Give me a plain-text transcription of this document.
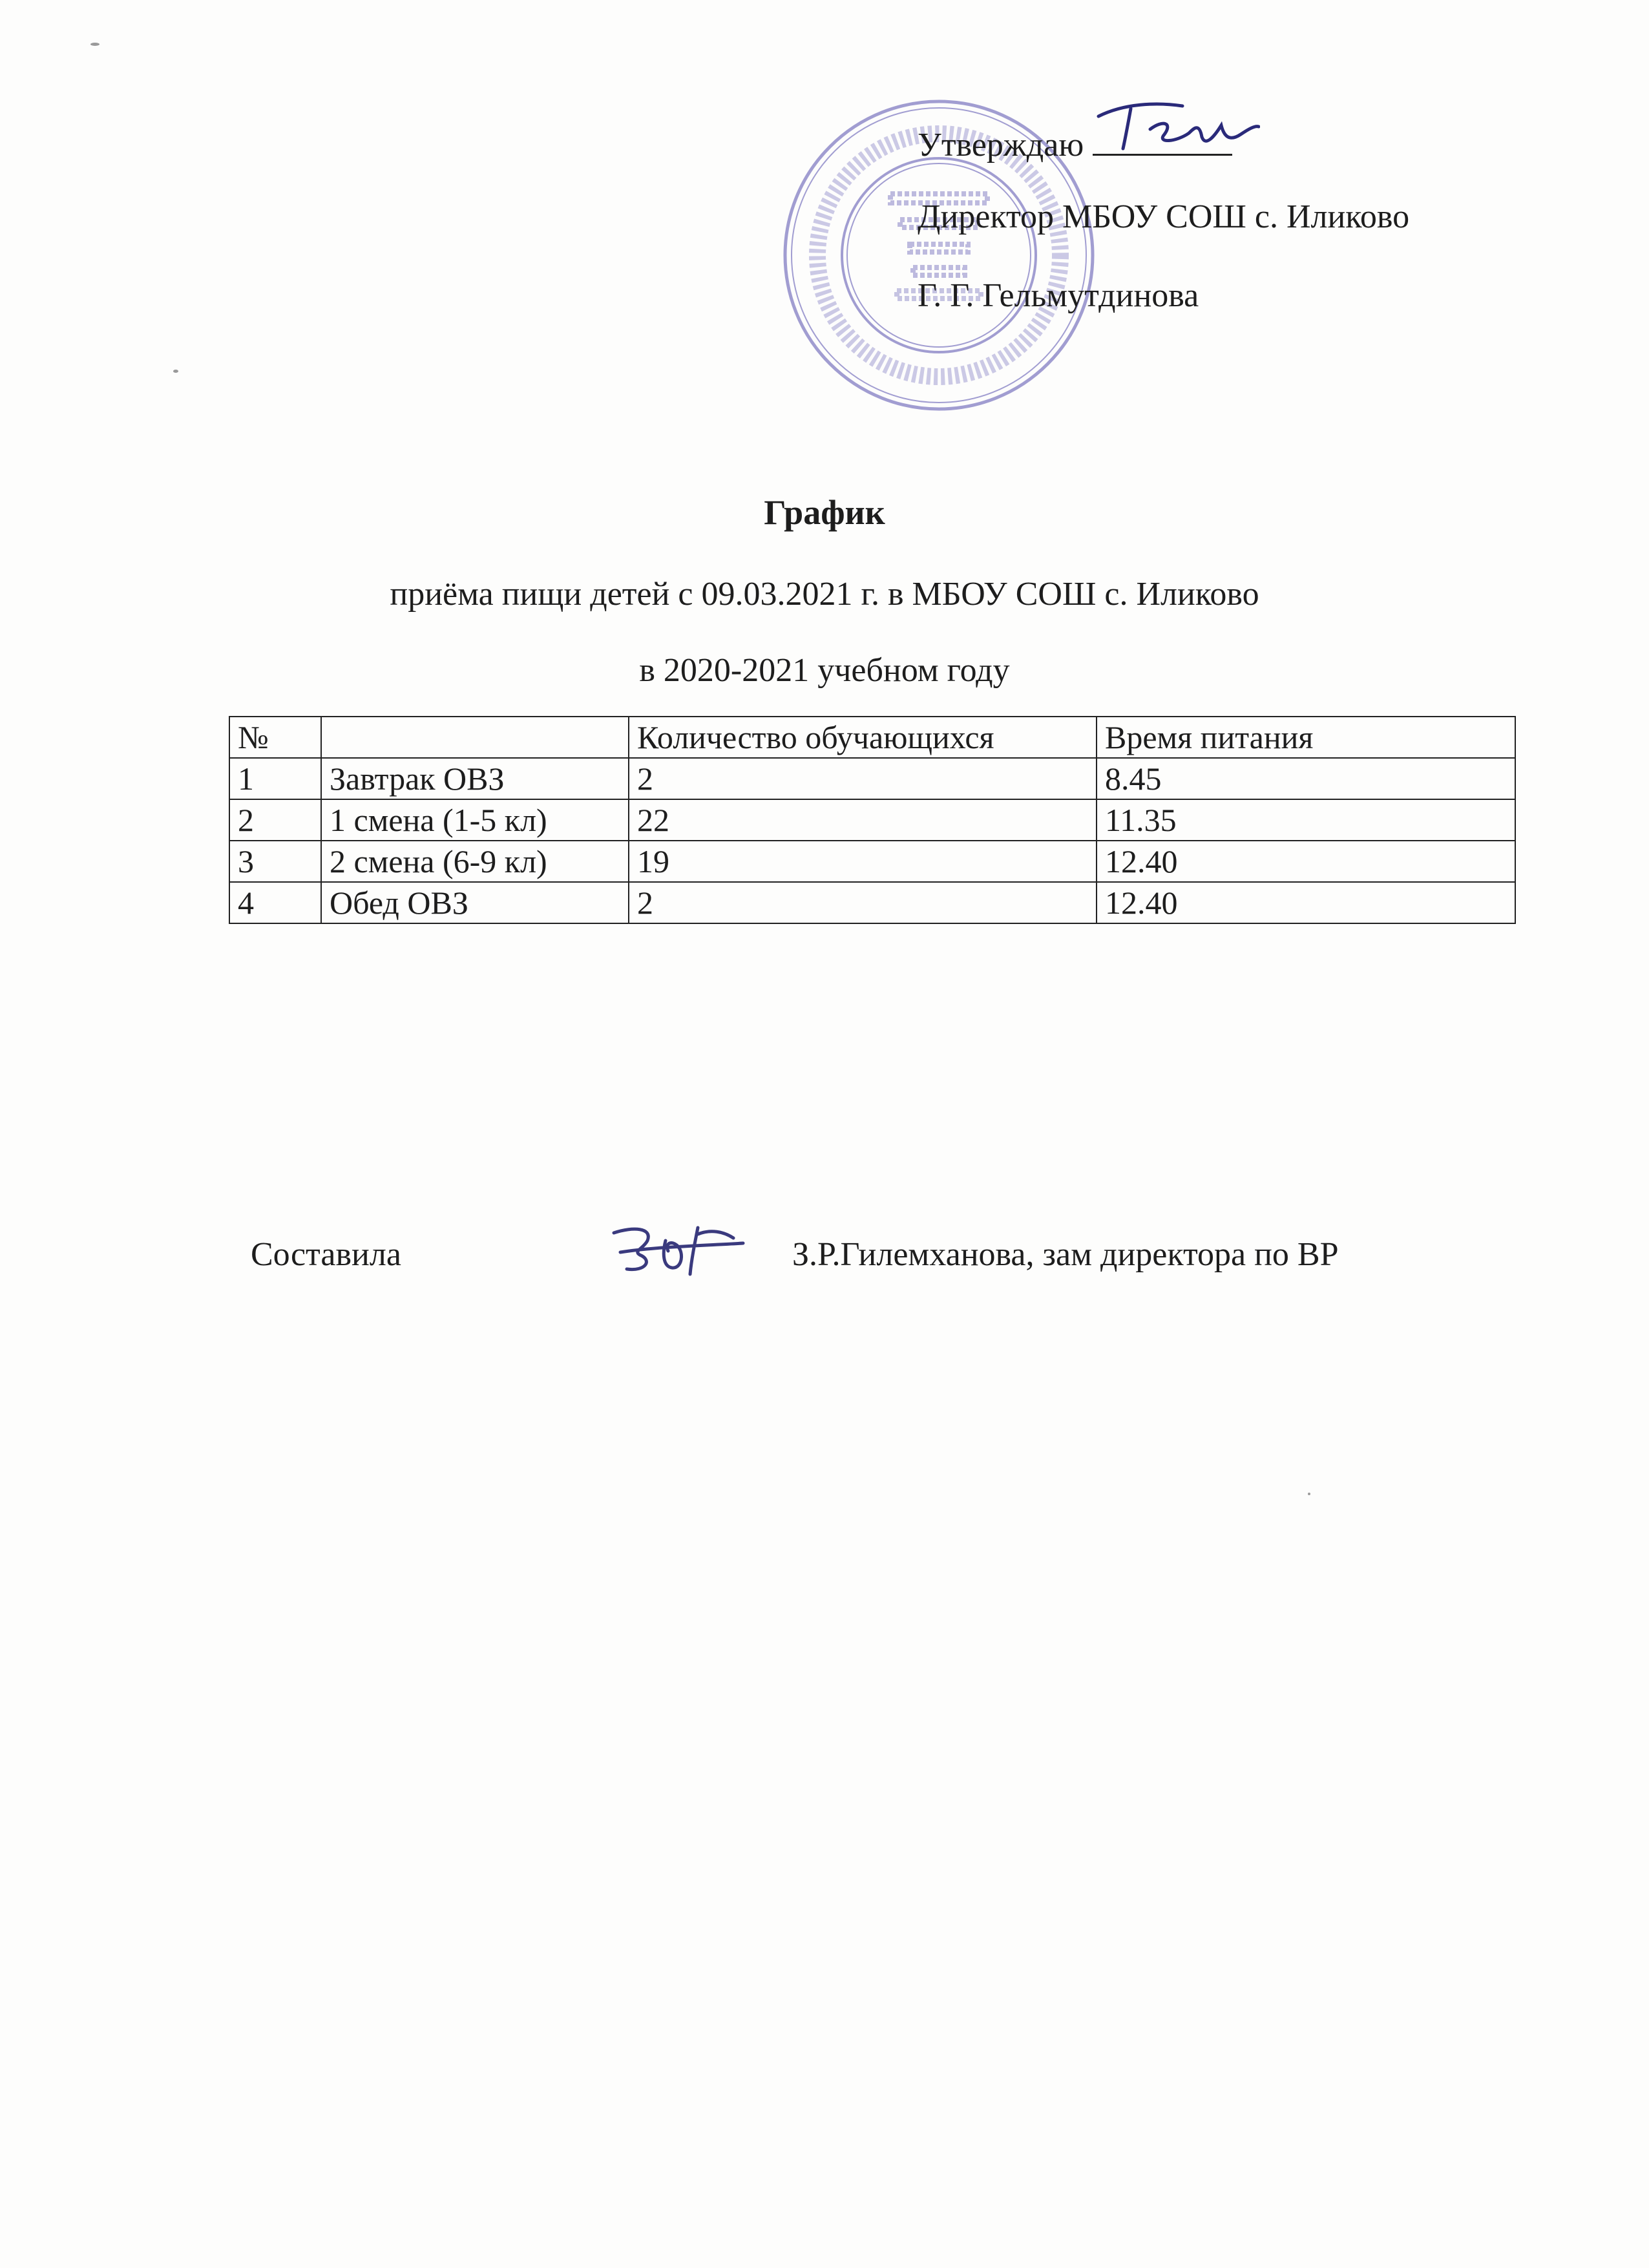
Утверждаю
Директор МБОУ СОШ с. Иликово
Г. Г. Гельмутдинова
График
приёма пищи детей с 09.03.2021 г. в МБОУ СОШ с. Иликово
в 2020-2021 учебном году
№		Количество обучающихся	Время питания
1	Завтрак ОВЗ	2	8.45
2	1 смена (1-5 кл)	22	11.35
3	2 смена (6-9 кл)	19	12.40
4	Обед ОВЗ	2	12.40
Составила	З.Р.Гилемханова, зам директора по ВР
